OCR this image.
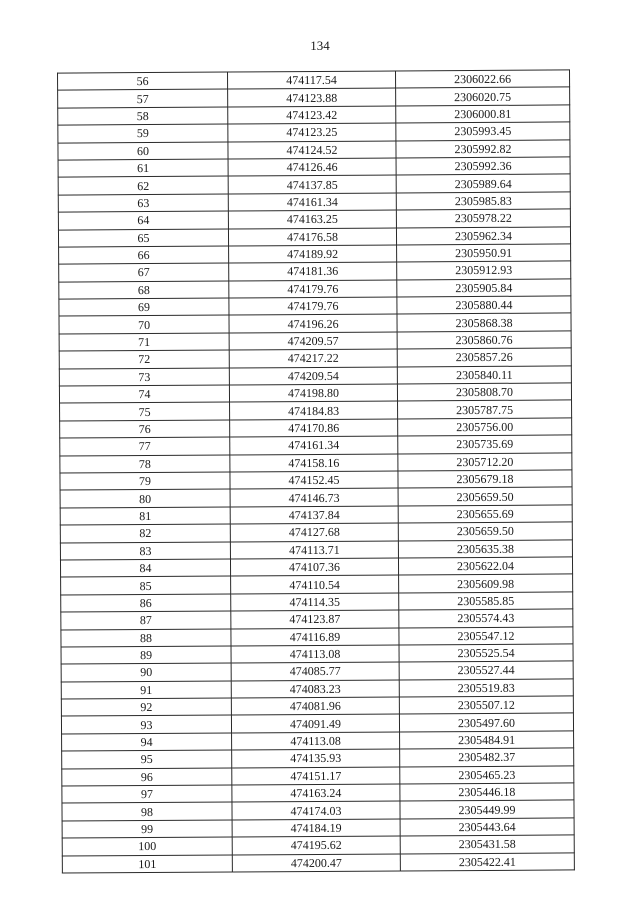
134
56	474117.54	2306022.66
57	474123.88	2306020.75
58	474123.42	2306000.81
59	474123.25	2305993.45
60	474124.52	2305992.82
61	474126.46	2305992.36
62	474137.85	2305989.64
63	474161.34	2305985.83
64	474163.25	2305978.22
65	474176.58	2305962.34
66	474189.92	2305950.91
67	474181.36	2305912.93
68	474179.76	2305905.84
69	474179.76	2305880.44
70	474196.26	2305868.38
71	474209.57	2305860.76
72	474217.22	2305857.26
73	474209.54	2305840.11
74	474198.80	2305808.70
75	474184.83	2305787.75
76	474170.86	2305756.00
77	474161.34	2305735.69
78	474158.16	2305712.20
79	474152.45	2305679.18
80	474146.73	2305659.50
81	474137.84	2305655.69
82	474127.68	2305659.50
83	474113.71	2305635.38
84	474107.36	2305622.04
85	474110.54	2305609.98
86	474114.35	2305585.85
87	474123.87	2305574.43
88	474116.89	2305547.12
89	474113.08	2305525.54
90	474085.77	2305527.44
91	474083.23	2305519.83
92	474081.96	2305507.12
93	474091.49	2305497.60
94	474113.08	2305484.91
95	474135.93	2305482.37
96	474151.17	2305465.23
97	474163.24	2305446.18
98	474174.03	2305449.99
99	474184.19	2305443.64
100	474195.62	2305431.58
101	474200.47	2305422.41
